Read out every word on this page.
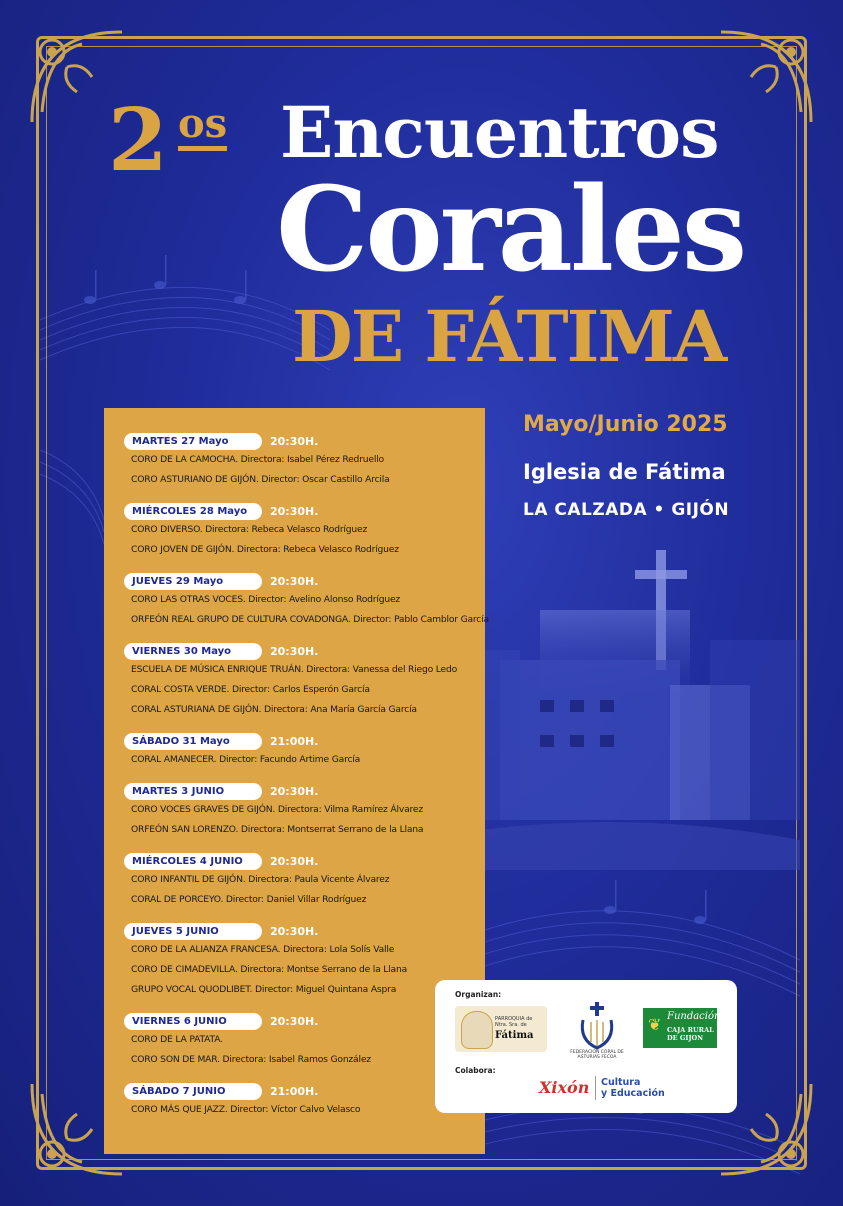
2 os Encuentros
Corales
DE FÁTIMA
Mayo/Junio 2025
Iglesia de Fátima
LA CALZADA • GIJÓN
MARTES 27 Mayo	20:30H.
CORO DE LA CAMOCHA. Directora: Isabel Pérez Redruello
CORO ASTURIANO DE GIJÓN. Director: Oscar Castillo Arcila
MIÉRCOLES 28 Mayo	20:30H.
CORO DIVERSO. Directora: Rebeca Velasco Rodríguez
CORO JOVEN DE GIJÓN. Directora: Rebeca Velasco Rodríguez
JUEVES 29 Mayo	20:30H.
CORO LAS OTRAS VOCES. Director: Avelino Alonso Rodríguez
ORFEÓN REAL GRUPO DE CULTURA COVADONGA. Director: Pablo Camblor García
VIERNES 30 Mayo	20:30H.
ESCUELA DE MÚSICA ENRIQUE TRUÁN. Directora: Vanessa del Riego Ledo
CORAL COSTA VERDE. Director: Carlos Esperón García
CORAL ASTURIANA DE GIJÓN. Directora: Ana María García García
SÁBADO 31 Mayo	21:00H.
CORAL AMANECER. Director: Facundo Artime García
MARTES 3 JUNIO	20:30H.
CORO VOCES GRAVES DE GIJÓN. Directora: Vilma Ramírez Álvarez
ORFEÓN SAN LORENZO. Directora: Montserrat Serrano de la Llana
MIÉRCOLES 4 JUNIO	20:30H.
CORO INFANTIL DE GIJÓN. Directora: Paula Vicente Álvarez
CORAL DE PORCEYO. Director: Daniel Villar Rodríguez
JUEVES 5 JUNIO	20:30H.
CORO DE LA ALIANZA FRANCESA. Directora: Lola Solís Valle
CORO DE CIMADEVILLA. Directora: Montse Serrano de la Llana
GRUPO VOCAL QUODLIBET. Director: Miguel Quintana Aspra
VIERNES 6 JUNIO	20:30H.
CORO DE LA PATATA.
CORO SON DE MAR. Directora: Isabel Ramos González
SÁBADO 7 JUNIO	21:00H.
CORO MÁS QUE JAZZ. Director: Víctor Calvo Velasco
Organizan:
PARROQUIA de Ntra. Sra. de
Fátima
FEDERACIÓN CORAL DE ASTURIAS FECOA
❦
Fundación
CAJA RURAL DE GIJON
Colabora:
Xixón Cultura
y Educación
